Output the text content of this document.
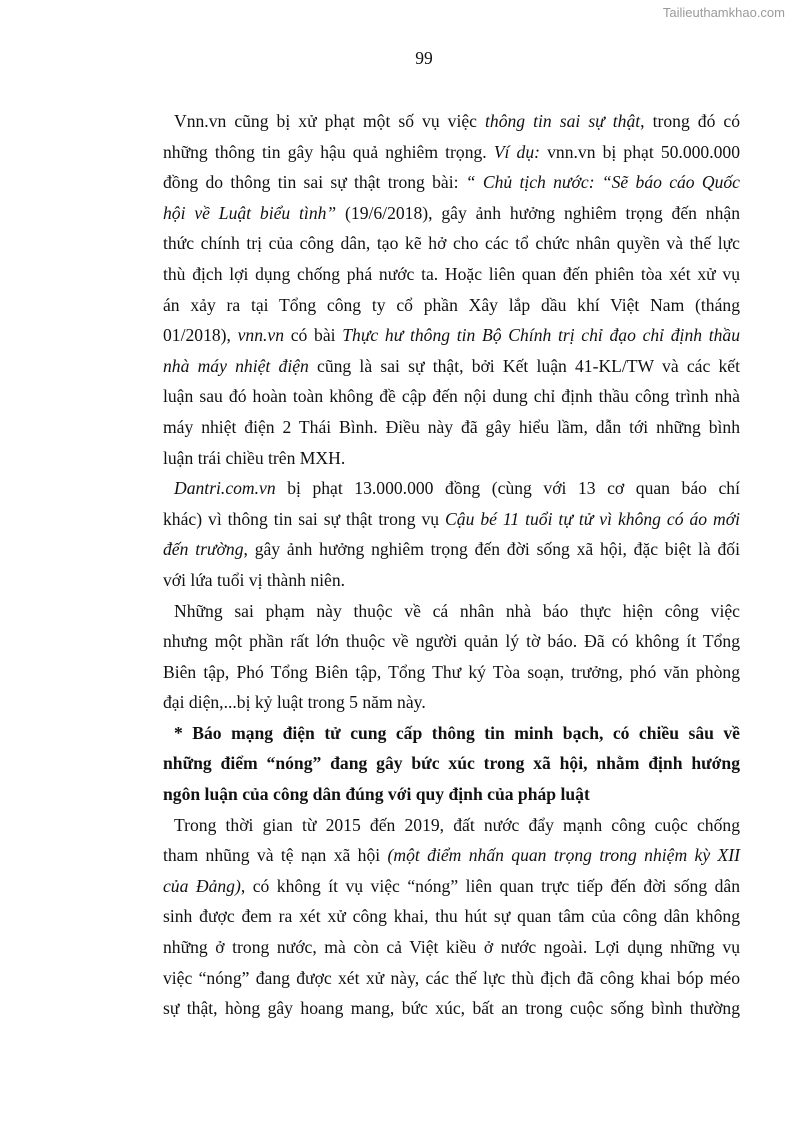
Tailieuthamkhao.com
99
Vnn.vn cũng bị xử phạt một số vụ việc thông tin sai sự thật, trong đó có
những thông tin gây hậu quả nghiêm trọng. Ví dụ: vnn.vn bị phạt 50.000.000
đồng do thông tin sai sự thật trong bài: “ Chủ tịch nước: “Sẽ báo cáo Quốc
hội về Luật biểu tình” (19/6/2018), gây ảnh hưởng nghiêm trọng đến nhận
thức chính trị của công dân, tạo kẽ hở cho các tổ chức nhân quyền và thế lực
thù địch lợi dụng chống phá nước ta. Hoặc liên quan đến phiên tòa xét xử vụ
án xảy ra tại Tổng công ty cổ phần Xây lắp dầu khí Việt Nam (tháng
01/2018), vnn.vn có bài Thực hư thông tin Bộ Chính trị chỉ đạo chỉ định thầu
nhà máy nhiệt điện cũng là sai sự thật, bởi Kết luận 41-KL/TW và các kết
luận sau đó hoàn toàn không đề cập đến nội dung chỉ định thầu công trình nhà
máy nhiệt điện 2 Thái Bình. Điều này đã gây hiểu lầm, dẫn tới những bình
luận trái chiều trên MXH.
Dantri.com.vn bị phạt 13.000.000 đồng (cùng với 13 cơ quan báo chí
khác) vì thông tin sai sự thật trong vụ Cậu bé 11 tuổi tự tử vì không có áo mới
đến trường, gây ảnh hưởng nghiêm trọng đến đời sống xã hội, đặc biệt là đối
với lứa tuổi vị thành niên.
Những sai phạm này thuộc về cá nhân nhà báo thực hiện công việc
nhưng một phần rất lớn thuộc về người quản lý tờ báo. Đã có không ít Tổng
Biên tập, Phó Tổng Biên tập, Tổng Thư ký Tòa soạn, trưởng, phó văn phòng
đại diện,...bị kỷ luật trong 5 năm này.
* Báo mạng điện tử cung cấp thông tin minh bạch, có chiều sâu về
những điểm “nóng” đang gây bức xúc trong xã hội, nhằm định hướng
ngôn luận của công dân đúng với quy định của pháp luật
Trong thời gian từ 2015 đến 2019, đất nước đẩy mạnh công cuộc chống
tham nhũng và tệ nạn xã hội (một điểm nhấn quan trọng trong nhiệm kỳ XII
của Đảng), có không ít vụ việc “nóng” liên quan trực tiếp đến đời sống dân
sinh được đem ra xét xử công khai, thu hút sự quan tâm của công dân không
những ở trong nước, mà còn cả Việt kiều ở nước ngoài. Lợi dụng những vụ
việc “nóng” đang được xét xử này, các thế lực thù địch đã công khai bóp méo
sự thật, hòng gây hoang mang, bức xúc, bất an trong cuộc sống bình thường
